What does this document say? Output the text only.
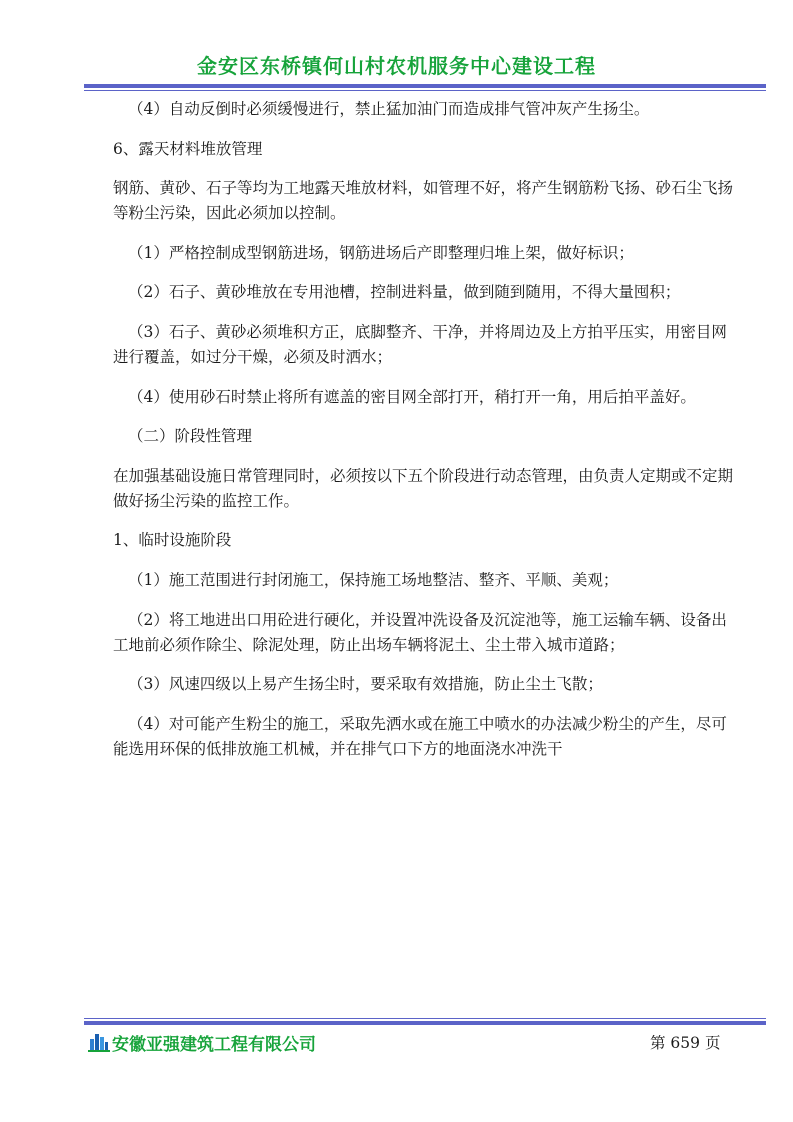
金安区东桥镇何山村农机服务中心建设工程

（4）自动反倒时必须缓慢进行，禁止猛加油门而造成排气管冲灰产生扬尘。

6、露天材料堆放管理

钢筋、黄砂、石子等均为工地露天堆放材料，如管理不好，将产生钢筋粉飞扬、砂石尘飞扬等粉尘污染，因此必须加以控制。

（1）严格控制成型钢筋进场，钢筋进场后产即整理归堆上架，做好标识；

（2）石子、黄砂堆放在专用池槽，控制进料量，做到随到随用，不得大量囤积；

（3）石子、黄砂必须堆积方正，底脚整齐、干净，并将周边及上方拍平压实，用密目网进行覆盖，如过分干燥，必须及时洒水；

（4）使用砂石时禁止将所有遮盖的密目网全部打开，稍打开一角，用后拍平盖好。

（二）阶段性管理

在加强基础设施日常管理同时，必须按以下五个阶段进行动态管理，由负责人定期或不定期做好扬尘污染的监控工作。

1、临时设施阶段

（1）施工范围进行封闭施工，保持施工场地整洁、整齐、平顺、美观；

（2）将工地进出口用砼进行硬化，并设置冲洗设备及沉淀池等，施工运输车辆、设备出工地前必须作除尘、除泥处理，防止出场车辆将泥土、尘土带入城市道路；

（3）风速四级以上易产生扬尘时，要采取有效措施，防止尘土飞散；

（4）对可能产生粉尘的施工，采取先洒水或在施工中喷水的办法减少粉尘的产生，尽可能选用环保的低排放施工机械，并在排气口下方的地面浇水冲洗干

安徽亚强建筑工程有限公司	第 659 页
